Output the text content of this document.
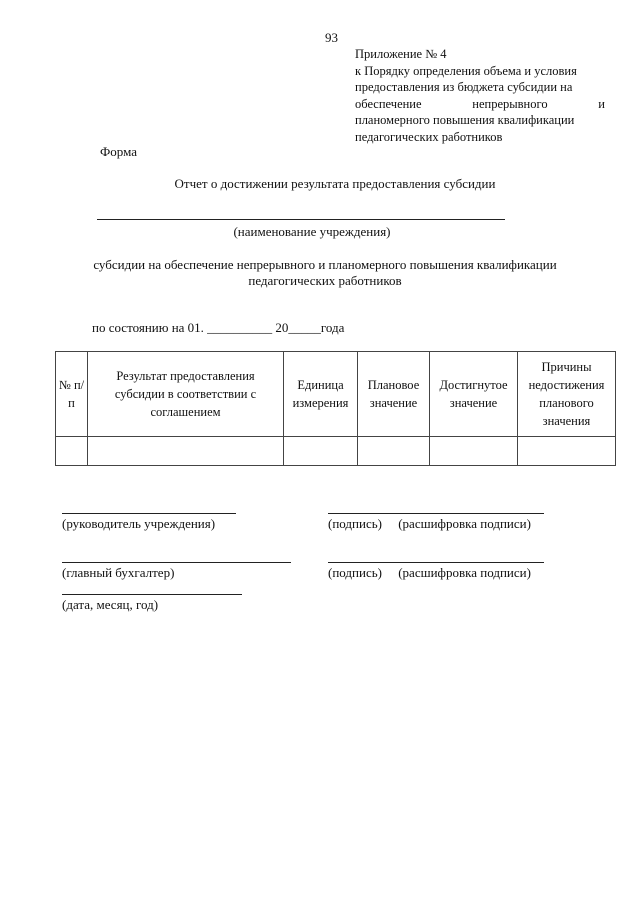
93
Приложение № 4
к Порядку определения объема и условия
предоставления из бюджета субсидии на
обеспечение непрерывного и
планомерного повышения квалификации
педагогических работников
Форма
Отчет о достижении результата предоставления субсидии
(наименование учреждения)
субсидии на обеспечение непрерывного и планомерного повышения квалификации
педагогических работников
по состоянию на 01. __________ 20_____года
№ п/п	Результат предоставления субсидии в соответствии с соглашением	Единица измерения	Плановое значение	Достигнутое значение	Причины недостижения планового значения

(руководитель учреждения)	(подпись)     (расшифровка подписи)
(главный бухгалтер)	(подпись)     (расшифровка подписи)
(дата, месяц, год)
